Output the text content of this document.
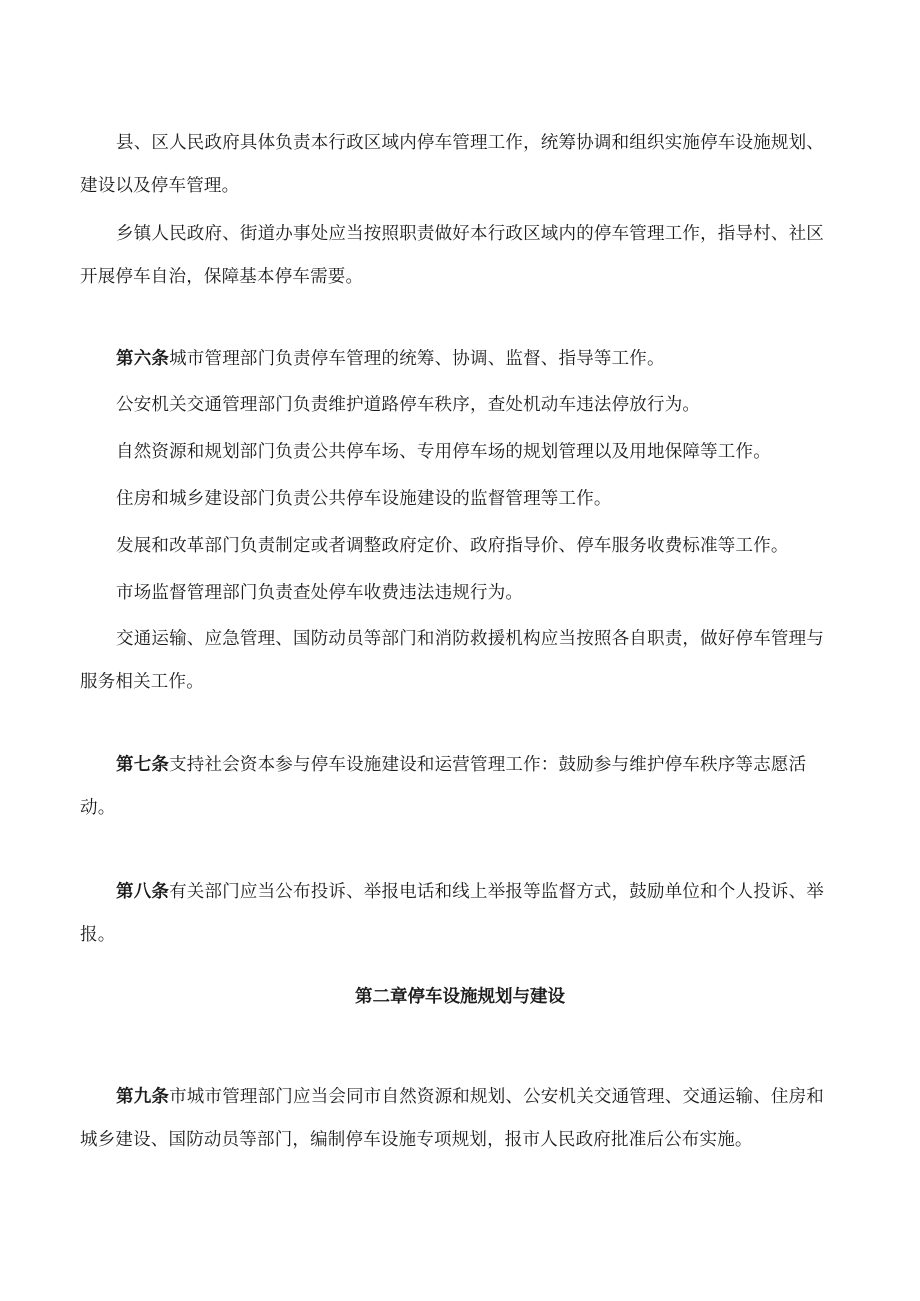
县、区人民政府具体负责本行政区域内停车管理工作，统筹协调和组织实施停车设施规划、建设以及停车管理。

乡镇人民政府、街道办事处应当按照职责做好本行政区域内的停车管理工作，指导村、社区开展停车自治，保障基本停车需要。

第六条城市管理部门负责停车管理的统筹、协调、监督、指导等工作。

公安机关交通管理部门负责维护道路停车秩序，查处机动车违法停放行为。

自然资源和规划部门负责公共停车场、专用停车场的规划管理以及用地保障等工作。

住房和城乡建设部门负责公共停车设施建设的监督管理等工作。

发展和改革部门负责制定或者调整政府定价、政府指导价、停车服务收费标准等工作。

市场监督管理部门负责查处停车收费违法违规行为。

交通运输、应急管理、国防动员等部门和消防救援机构应当按照各自职责，做好停车管理与服务相关工作。

第七条支持社会资本参与停车设施建设和运营管理工作：鼓励参与维护停车秩序等志愿活动。

第八条有关部门应当公布投诉、举报电话和线上举报等监督方式，鼓励单位和个人投诉、举报。

第二章停车设施规划与建设

第九条市城市管理部门应当会同市自然资源和规划、公安机关交通管理、交通运输、住房和城乡建设、国防动员等部门，编制停车设施专项规划，报市人民政府批准后公布实施。
